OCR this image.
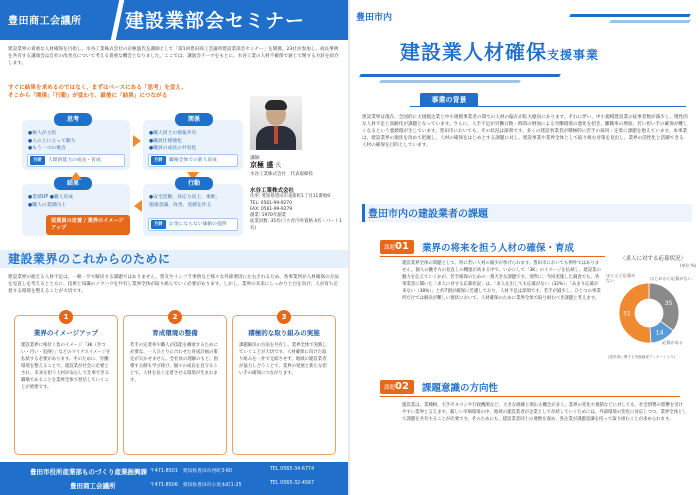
豊田商工会議所 建設業部会セミナー
建設業界の貴重な人材確保を目指し、水谷工業株式会社の京極盛氏を講師として「第1回豊田商工会議所建設業部会セミナー」を開催。23社が参加し、成長事例を共有する講演会は自社の改善点について考える貴重な機会となりました。ここでは、講演会テーマをもとに、水谷工業の人材不確保で通じて関する方針を紹介します。
すぐに結果を求めるのではなく、まずはベースにある「思考」を変え、
そこから「関係」「行動」が変わり、最後に「結果」につながる
思考
●極人が主役
●人の上に立って動力
●もう一つの視点
方針	人間的能力の成長・育成
関係
●職人同士の情報共有
●職員仕様強化
●職員の成長の共有化
方針	職場全体での新人育成
行動
●安全活動、対応力向上、柔軟、
施策意識、改善、実績を作る
方針	お金にならない価値の提供
結果
●業績UP ●職人育成
●職人の業績向上
従業員の定着 / 業界のイメージアップ
講師
京極 盛 氏
水谷工業株式会社　代表取締役
水谷工業株式会社
住所: 愛知県豊田市東新町1丁目11番地9
TEL: 0561-99-9270
FAX: 0561-99-9279
創業: 1970年創業
従業員数: 35名(うち社内外資格 4名・パート1名)
建設業界のこれからのために
建設業界の抱える人材不足は、一朝一夕で解決する課題ではありません。豊友やインフラ事情など様々な外部要因に左右されるため、各事業所が人材確保の方法を見直しを考えるとともに、技術と知識のノウハウを共有し業界全体が取り組んでいく必要があります。しかし、業界の未来にしっかりと目を向け、人が育ち定着する環境を整えることが大切です。
1
業界のイメージアップ
建設業界に根付く負のイメージ「3K（きつい・汚い・危険）」などのマイナスイメージを払拭する必要があります。そのために、労働環境を整えることで、建設業が社会に必要とされ、未来を担う人材が安心して仕事できる職場であることを業界全体で発信していくことが重要です。
2
育成環境の整備
若手の定着率や職人が技能を継承するために必要な、一人ひとりに合わせた育成計画の策定が欠かせません。全社員の理解のもと、指導する側も学び続け、個々の成長を見守ることで、人材を長く定着させる環境が生まれます。
3
積極的な取り組みの実施
課題解決の方法を共有し、業界全体で実践していくことが大切です。人材確保に向けた取り組みを一社で完結させず、地域の建設業者が協力し合うことで、業界の発展と新たな担い手の確保につながります。
豊田市役所産業部ものづくり産業振興課 〒471-8501　愛知県豊田市西町3-60	TEL 0565-34-6774
豊田商工会議所	〒471-8506　愛知県豊田市小坂本町1-25	TEL 0565-32-4567
豊田市内
建設業人材確保支援事業
事業の背景
建設業界は現在、全国的に大規模企業と中小規模事業者の間での人材の偏在が拡大傾向にあります。それに伴い、中小規模建設業の従事者数が減少し、慢性的な人材不足と高齢化が課題となっています。さらに、人手不足が労働日数・時間の増加による労働環境の悪化を招き、離職率の増加、若い担い手の確保が難しくなるという悪循環が生じています。豊田市においても、その状況は深刻です。多くの建設事業者が積極的に若手の採用・定着に課題を抱えています。本事業は、建設業界の現状を改めて把握し、人材の確保をはじめとする課題に対し、建設事業や業界全体として取り組む対策を見出し、業界の活性化と活躍できる人材の確保を目的としています。
豊田市内の建設業者の課題
課題01	業界の将来を担う人材の確保・育成
建設業界全体の問題として、特に若い人材の減少が挙げられます。豊田市においても例外ではありません。個人の働き方の見直しの機運が高まる中で、いかにして「3K」のイメージを払拭し、建設業の魅力を伝えていくかが、若手確保のための一番大きな課題です。実際に、今回実施した調査でも、各事業者に聞いた「求人に対する応募状況」は、「求人を出しても応募がない（32%）」「あまり応募が来ない（38%）」と約7割が確保に苦慮しており、人材不足は深刻です。若手が減少し、ひとつの事業所だけでは解決が難しい現状において、人材確保のために業界全体で取り組むべき課題と考えます。
〈求人に対する応募状況〉
(単位:%)
ほとんど応募がない	はじめから応募がない
応募がある
35
14
51
(建設業に関する実態調査アンケートより)
課題02	課題意識の方向性
建設業は、業種柄、大手ゼネコンや行政機関など、大きな組織と関わる機会が多く、業界の変化や規制などに対しても、社会情勢の影響を受けやすい業界と言えます。厳しい市場環境の中、地域の建設業者が企業として存続していくためには、外部環境の変化に対応しつつ、業界全体として課題を共有することが必要です。そのためにも、建設業者同士の連携を深め、各企業が課題意識を持って取り組むことが求められます。
